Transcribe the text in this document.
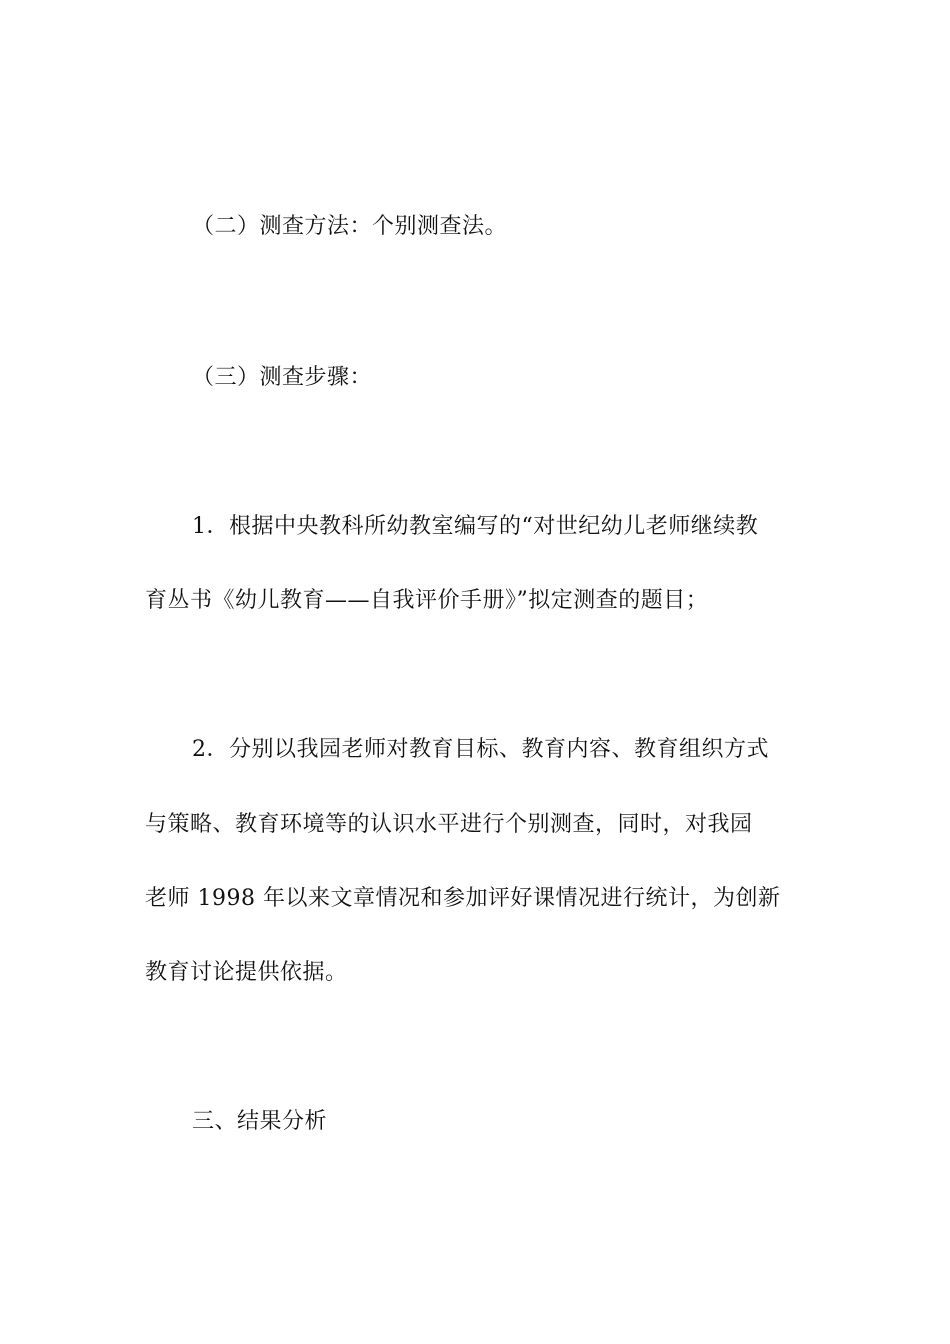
（二）测查方法：个别测查法。
（三）测查步骤：
1．根据中央教科所幼教室编写的“对世纪幼儿老师继续教
育丛书《幼儿教育——自我评价手册》”拟定测查的题目；
2．分别以我园老师对教育目标、教育内容、教育组织方式
与策略、教育环境等的认识水平进行个别测查，同时，对我园
老师 1998 年以来文章情况和参加评好课情况进行统计，为创新
教育讨论提供依据。
三、结果分析
